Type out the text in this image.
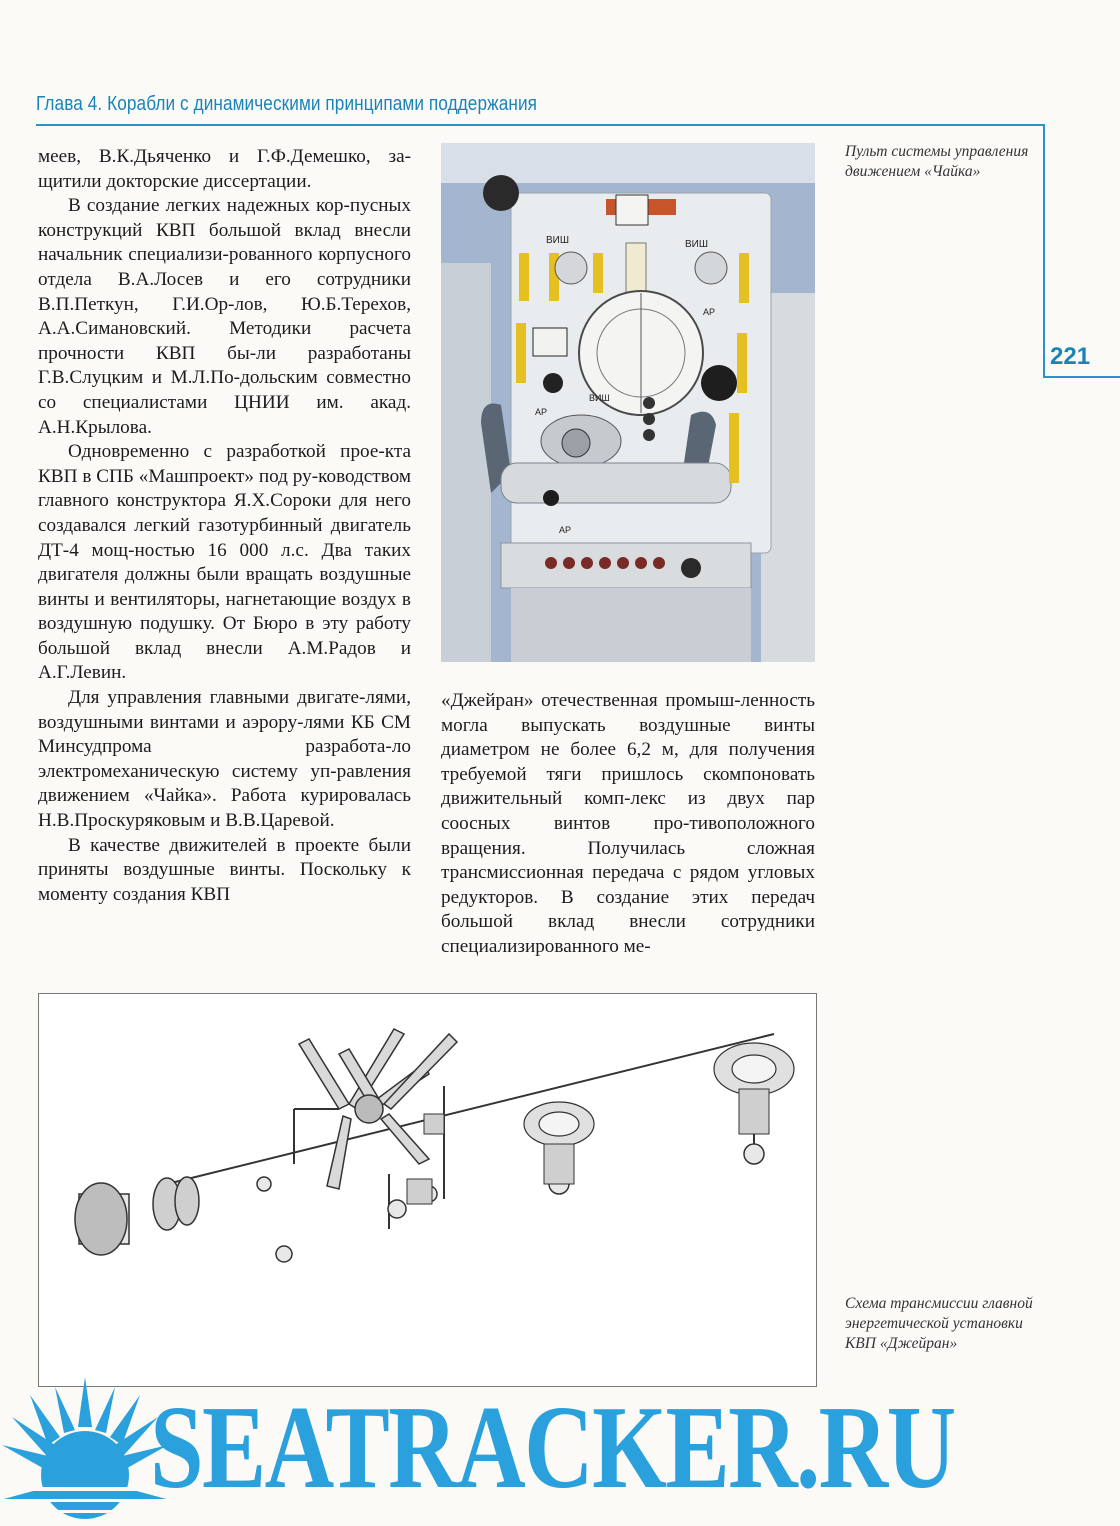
Глава 4. Корабли с динамическими принципами поддержания
221

меев, В.К.Дьяченко и Г.Ф.Демешко, за-щитили докторские диссертации.

В создание легких надежных кор-пусных конструкций КВП большой вклад внесли начальник специализи-рованного корпусного отдела В.А.Лосев и его сотрудники В.П.Петкун, Г.И.Ор-лов, Ю.Б.Терехов, А.А.Симановский. Методики расчета прочности КВП бы-ли разработаны Г.В.Слуцким и М.Л.По-дольским совместно со специалистами ЦНИИ им. акад. А.Н.Крылова.

Одновременно с разработкой прое-кта КВП в СПБ «Машпроект» под ру-ководством главного конструктора Я.Х.Сороки для него создавался легкий газотурбинный двигатель ДТ-4 мощ-ностью 16 000 л.с. Два таких двигателя должны были вращать воздушные винты и вентиляторы, нагнетающие воздух в воздушную подушку. От Бюро в эту работу большой вклад внесли А.М.Радов и А.Г.Левин.

Для управления главными двигате-лями, воздушными винтами и аэрору-лями КБ СМ Минсудпрома разработа-ло электромеханическую систему уп-равления движением «Чайка». Работа курировалась Н.В.Проскуряковым и В.В.Царевой.

В качестве движителей в проекте были приняты воздушные винты. Поскольку к моменту создания КВП

ВИШ	ВИШ
ВИШ
АР
АР
АР
Пульт системы управления движением «Чайка»

«Джейран» отечественная промыш-ленность могла выпускать воздушные винты диаметром не более 6,2 м, для получения требуемой тяги пришлось скомпоновать движительный комп-лекс из двух пар соосных винтов про-тивоположного вращения. Получилась сложная трансмиссионная передача с рядом угловых редукторов. В создание этих передач большой вклад внесли сотрудники специализированного ме-

Схема трансмиссии главной энергетической установки КВП «Джейран»
SEATRACKER.RU
